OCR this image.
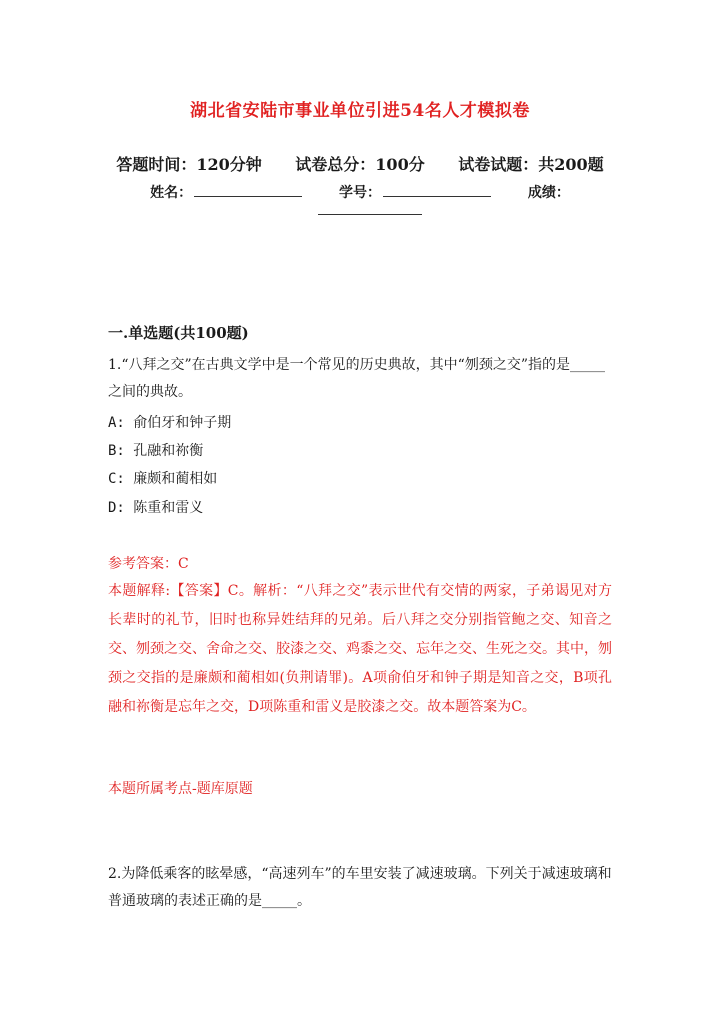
湖北省安陆市事业单位引进54名人才模拟卷
答题时间：120分钟 试卷总分：100分 试卷试题：共200题
姓名：	学号：	成绩：
一.单选题(共100题)
1.“八拜之交”在古典文学中是一个常见的历史典故，其中“刎颈之交”指的是_____之间的典故。
A: 俞伯牙和钟子期
B: 孔融和祢衡
C: 廉颇和蔺相如
D: 陈重和雷义
参考答案：C
本题解释:【答案】C。解析：“八拜之交”表示世代有交情的两家，子弟谒见对方长辈时的礼节，旧时也称异姓结拜的兄弟。后八拜之交分别指管鲍之交、知音之交、刎颈之交、舍命之交、胶漆之交、鸡黍之交、忘年之交、生死之交。其中，刎颈之交指的是廉颇和蔺相如(负荆请罪)。A项俞伯牙和钟子期是知音之交，B项孔融和祢衡是忘年之交，D项陈重和雷义是胶漆之交。故本题答案为C。
本题所属考点-题库原题
2.为降低乘客的眩晕感，“高速列车”的车里安装了减速玻璃。下列关于减速玻璃和普通玻璃的表述正确的是_____。
